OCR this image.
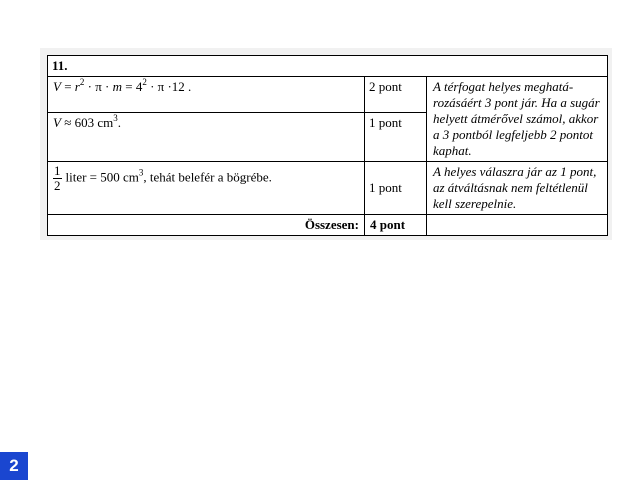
11.		
$V = r^2 \cdot \pi \cdot m = 4^2 \cdot \pi \cdot 12$ .	2 pont	A térfogat helyes meghatá-rozásáért 3 pont jár. Ha a sugár helyett átmérővel számol, akkor a 3 pontból legfeljebb 2 pontot kaphat.
V ≈ 603 $cm^3$.	1 pont	

$\frac{1}{2}$ liter = 500 $cm^3$, tehát belefér a bögrébe.	1 pont	A helyes válaszra jár az 1 pont, az átváltásnak nem feltétlenül kell szerepelnie.
Összesen:	4 pont	
2
